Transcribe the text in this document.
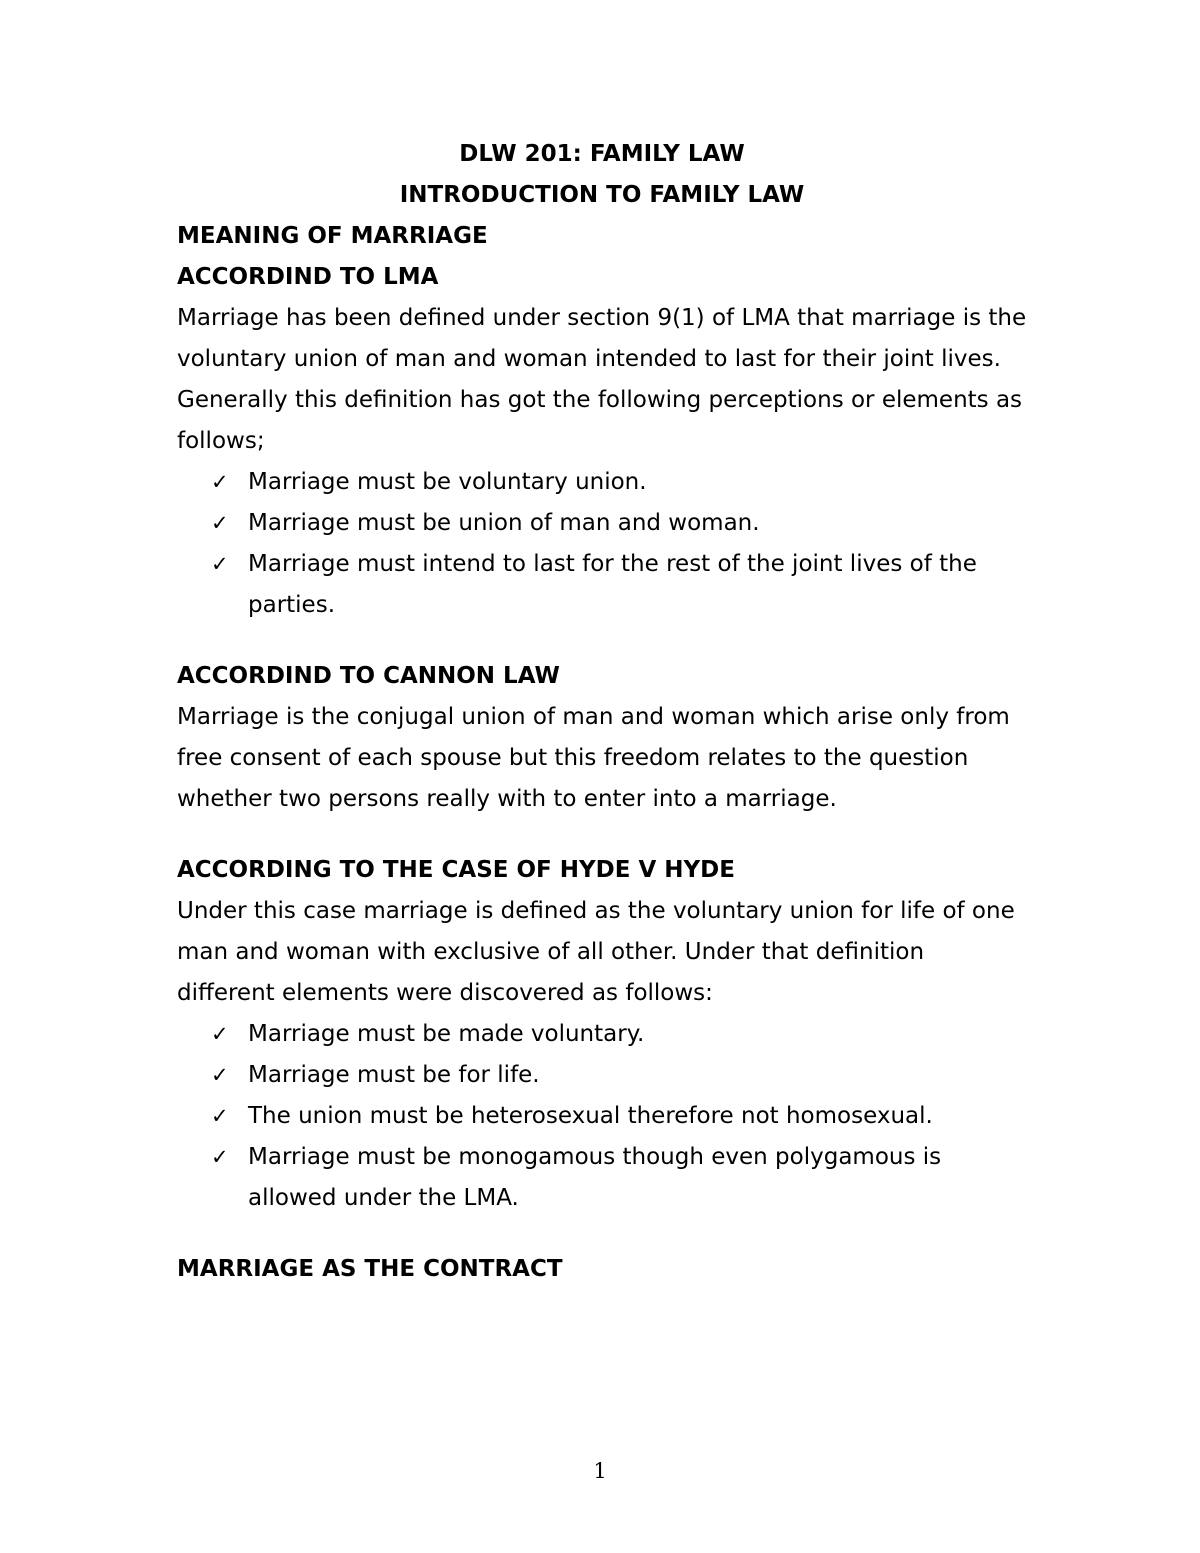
DLW 201: FAMILY LAW

INTRODUCTION TO FAMILY LAW

MEANING OF MARRIAGE

ACCORDIND TO LMA

Marriage has been defined under section 9(1) of LMA that marriage is the voluntary union of man and woman intended to last for their joint lives. Generally this definition has got the following perceptions or elements as follows;

✓ Marriage must be voluntary union.
✓ Marriage must be union of man and woman.
✓ Marriage must intend to last for the rest of the joint lives of the parties.

ACCORDIND TO CANNON LAW

Marriage is the conjugal union of man and woman which arise only from free consent of each spouse but this freedom relates to the question whether two persons really with to enter into a marriage.

ACCORDING TO THE CASE OF HYDE V HYDE

Under this case marriage is defined as the voluntary union for life of one man and woman with exclusive of all other. Under that definition different elements were discovered as follows:

✓ Marriage must be made voluntary.
✓ Marriage must be for life.
✓ The union must be heterosexual therefore not homosexual.
✓ Marriage must be monogamous though even polygamous is allowed under the LMA.

MARRIAGE AS THE CONTRACT

1
